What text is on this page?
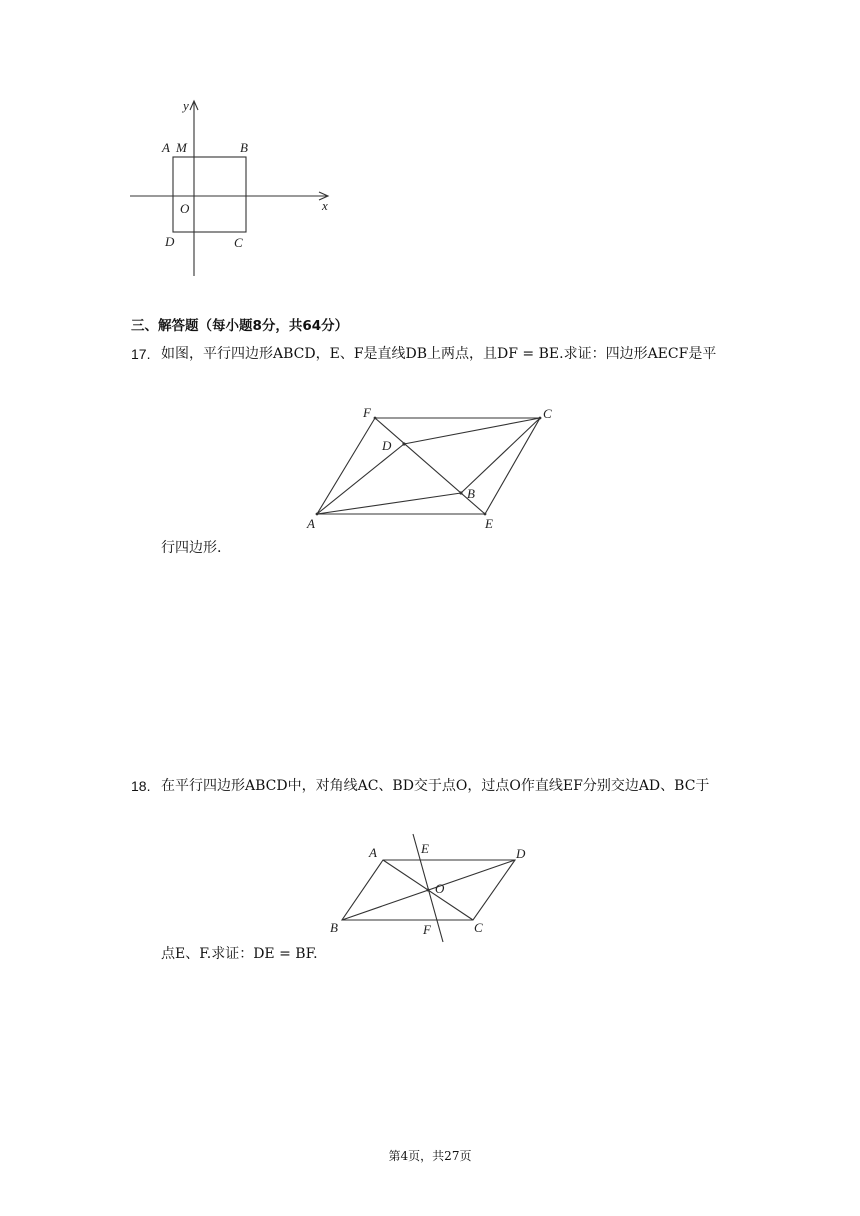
y
x
A M	B
O
D	C
三、解答题（每小题8分，共64分）
17. 如图，平行四边形ABCD，E、F是直线DB上两点，且DF = BE.求证：四边形AECF是平
F	C
D
B
A	E
行四边形.
18. 在平行四边形ABCD中，对角线AC、BD交于点O，过点O作直线EF分别交边AD、BC于
A	E	D
O
B	F	C
点E、F.求证：DE = BF.
第4页，共27页
